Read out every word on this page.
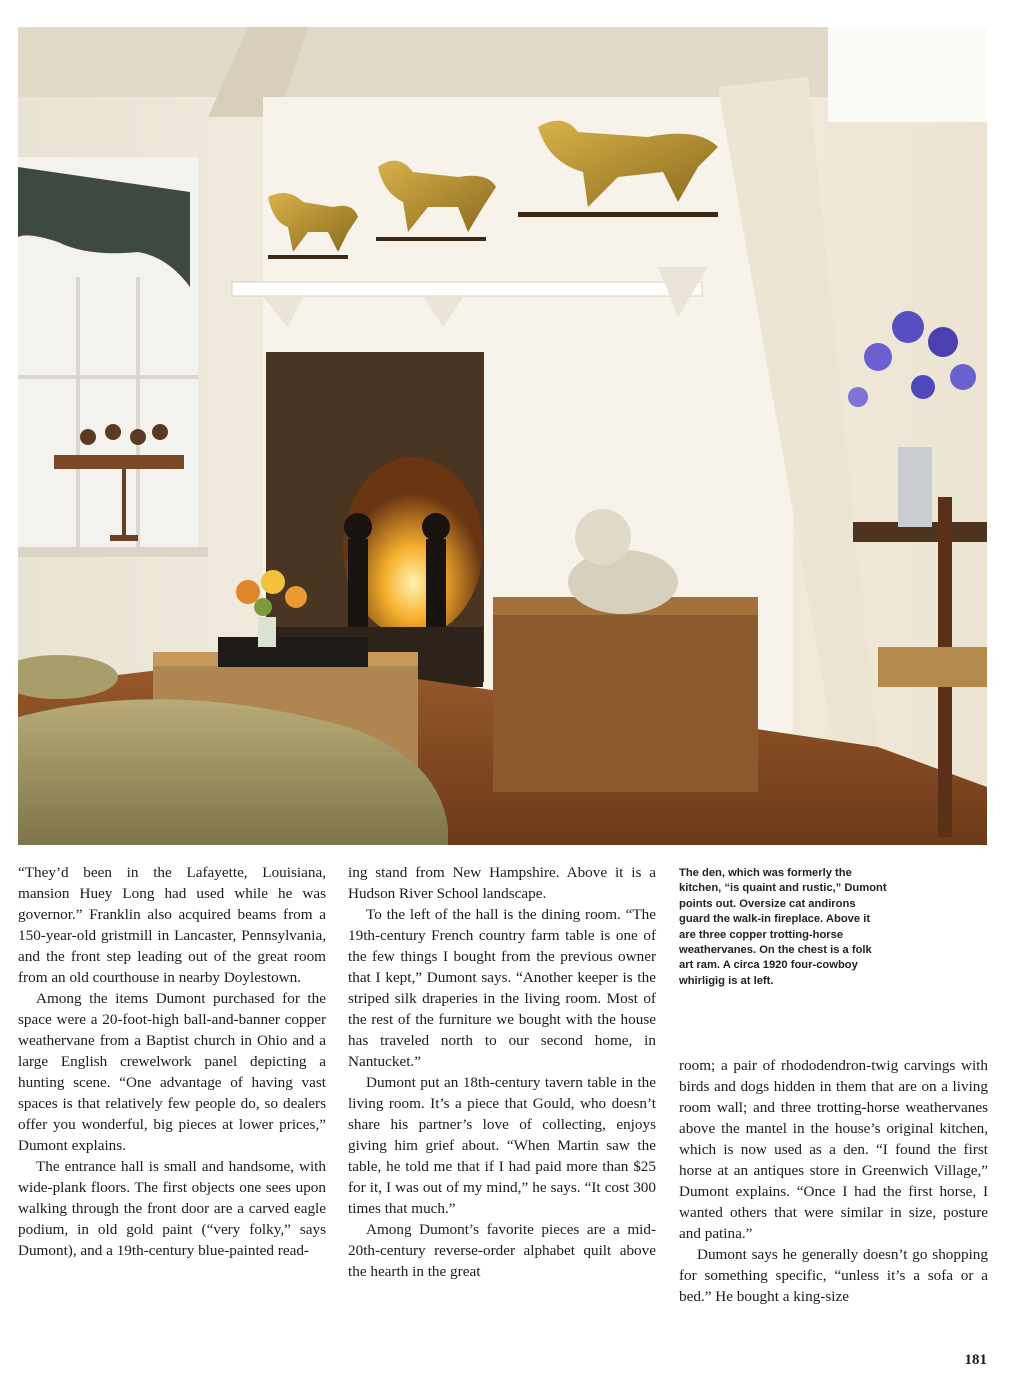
“They’d been in the Lafayette, Louisiana, mansion Huey Long had used while he was governor.” Franklin also acquired beams from a 150-year-old gristmill in Lancaster, Pennsylvania, and the front step leading out of the great room from an old courthouse in nearby Doylestown.

Among the items Dumont purchased for the space were a 20-foot-high ball-and-banner copper weathervane from a Baptist church in Ohio and a large English crewelwork panel depicting a hunting scene. “One advantage of having vast spaces is that relatively few people do, so dealers offer you wonderful, big pieces at lower prices,” Dumont explains.

The entrance hall is small and handsome, with wide-plank floors. The first objects one sees upon walking through the front door are a carved eagle podium, in old gold paint (“very folky,” says Dumont), and a 19th-century blue-painted read-

ing stand from New Hampshire. Above it is a Hudson River School landscape.

To the left of the hall is the dining room. “The 19th-century French country farm table is one of the few things I bought from the previous owner that I kept,” Dumont says. “Another keeper is the striped silk draperies in the living room. Most of the rest of the furniture we bought with the house has traveled north to our second home, in Nantucket.”

Dumont put an 18th-century tavern table in the living room. It’s a piece that Gould, who doesn’t share his partner’s love of collecting, enjoys giving him grief about. “When Martin saw the table, he told me that if I had paid more than $25 for it, I was out of my mind,” he says. “It cost 300 times that much.”

Among Dumont’s favorite pieces are a mid-20th-century reverse-order alphabet quilt above the hearth in the great

The den, which was formerly the kitchen, “is quaint and rustic,” Dumont points out. Oversize cat andirons guard the walk-in fireplace. Above it are three copper trotting-horse weathervanes. On the chest is a folk art ram. A circa 1920 four-cowboy whirligig is at left.

room; a pair of rhododendron-twig carvings with birds and dogs hidden in them that are on a living room wall; and three trotting-horse weathervanes above the mantel in the house’s original kitchen, which is now used as a den. “I found the first horse at an antiques store in Greenwich Village,” Dumont explains. “Once I had the first horse, I wanted others that were similar in size, posture and patina.”

Dumont says he generally doesn’t go shopping for something specific, “unless it’s a sofa or a bed.” He bought a king-size

181
